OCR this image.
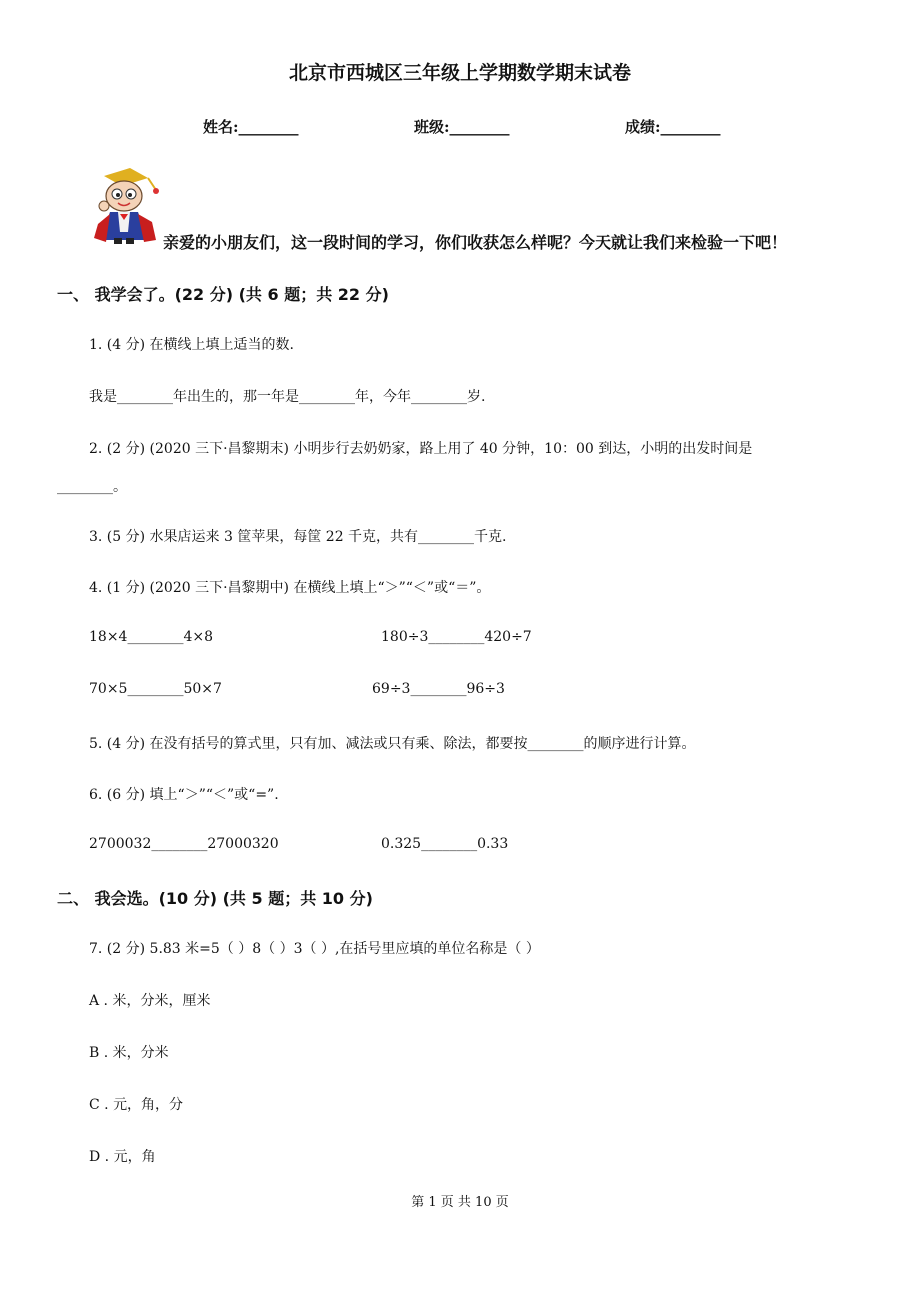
北京市西城区三年级上学期数学期末试卷
姓名:________	班级:________	成绩:________
亲爱的小朋友们，这一段时间的学习，你们收获怎么样呢？今天就让我们来检验一下吧！
一、 我学会了。(22 分) (共 6 题；共 22 分)
1. (4 分) 在横线上填上适当的数.
我是________年出生的，那一年是________年，今年________岁.
2. (2 分) (2020 三下·昌黎期末) 小明步行去奶奶家，路上用了 40 分钟，10：00 到达，小明的出发时间是
________。
3. (5 分) 水果店运来 3 筐苹果，每筐 22 千克，共有________千克.
4. (1 分) (2020 三下·昌黎期中) 在横线上填上“＞”“＜”或“＝”。
18×4________4×8	180÷3________420÷7
70×5________50×7	69÷3________96÷3
5. (4 分) 在没有括号的算式里，只有加、减法或只有乘、除法，都要按________的顺序进行计算。
6. (6 分) 填上“＞”“＜”或“=”.
2700032________27000320	0.325________0.33
二、 我会选。(10 分) (共 5 题；共 10 分)
7. (2 分) 5.83 米=5（ ）8（ ）3（ ）,在括号里应填的单位名称是（ ）
A . 米，分米，厘米
B . 米，分米
C . 元，角，分
D . 元，角
第 1 页 共 10 页
